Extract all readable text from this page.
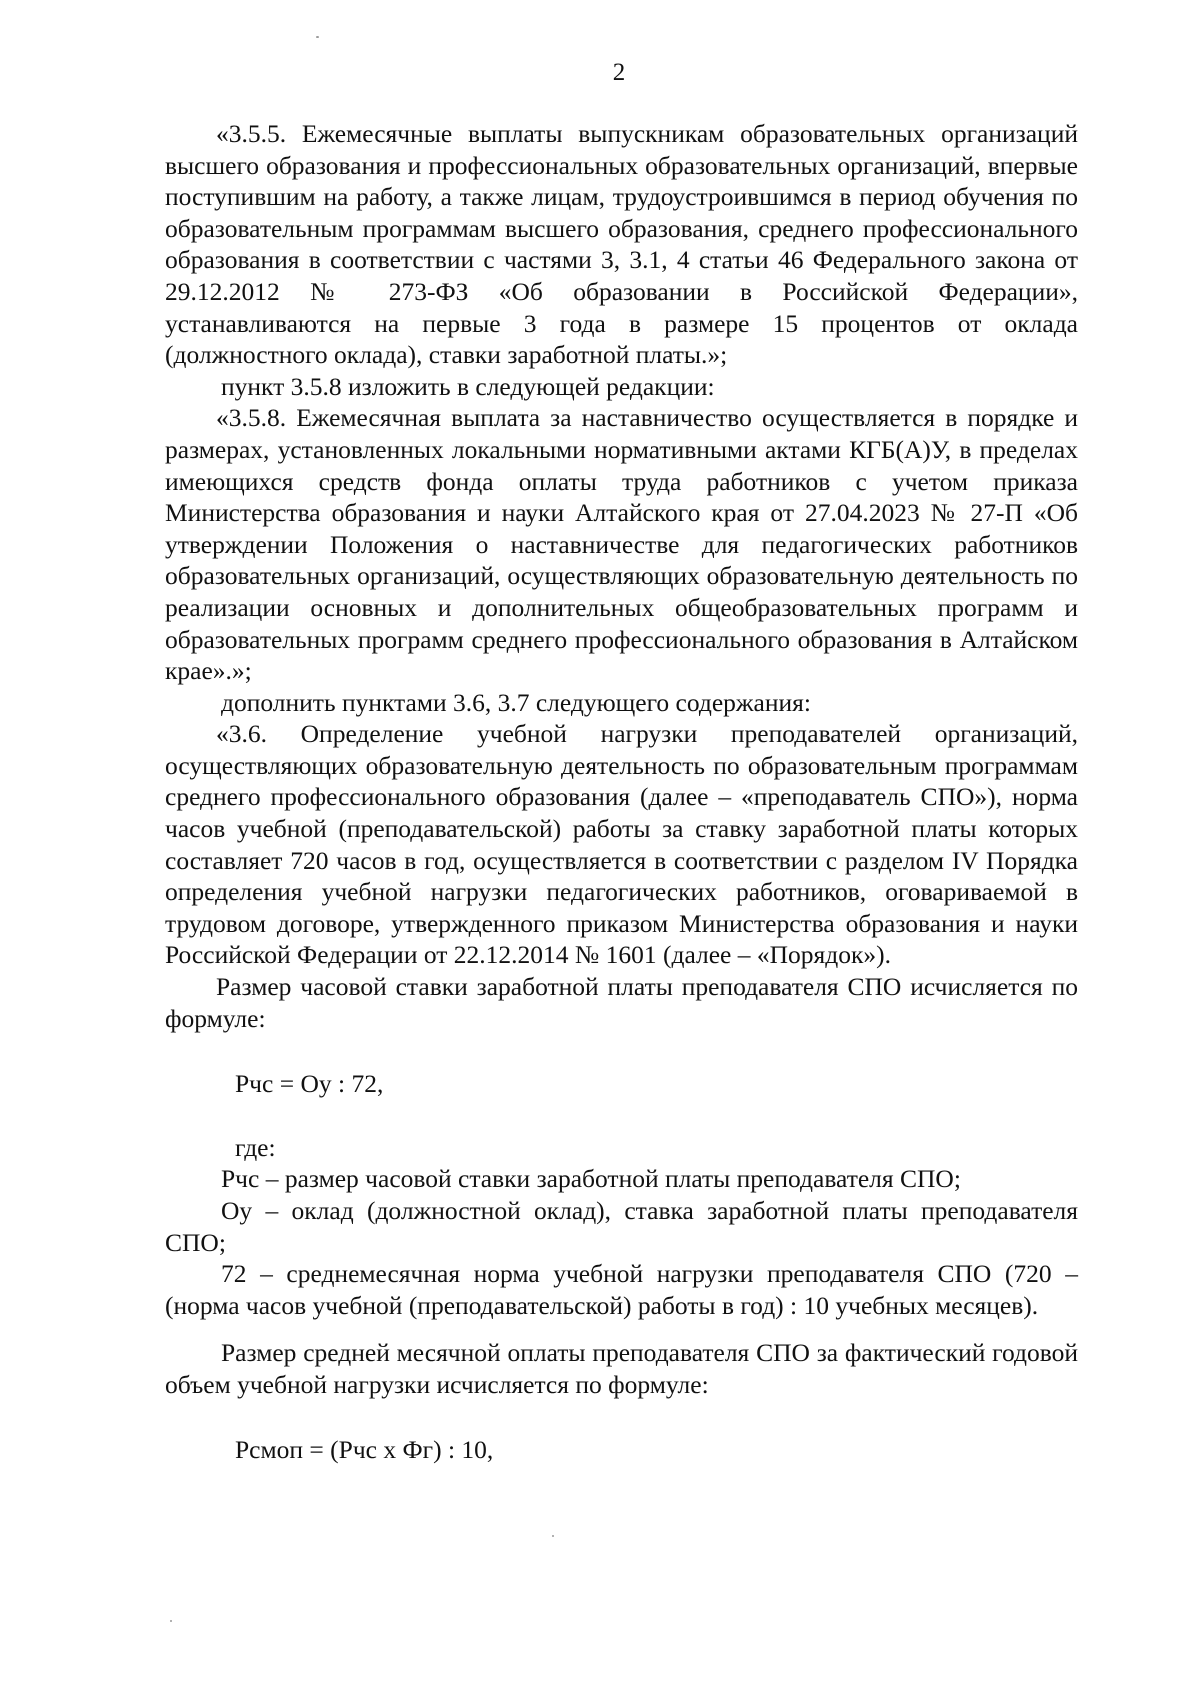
2

«3.5.5. Ежемесячные выплаты выпускникам образовательных организаций высшего образования и профессиональных образовательных организаций, впервые поступившим на работу, а также лицам, трудоустроившимся в период обучения по образовательным программам высшего образования, среднего профессионального образования в соответствии с частями 3, 3.1, 4 статьи 46 Федерального закона от 29.12.2012 № 273-ФЗ «Об образовании в Российской Федерации», устанавливаются на первые 3 года в размере 15 процентов от оклада (должностного оклада), ставки заработной платы.»;

пункт 3.5.8 изложить в следующей редакции:

«3.5.8. Ежемесячная выплата за наставничество осуществляется в порядке и размерах, установленных локальными нормативными актами КГБ(А)У, в пределах имеющихся средств фонда оплаты труда работников с учетом приказа Министерства образования и науки Алтайского края от 27.04.2023 № 27-П «Об утверждении Положения о наставничестве для педагогических работников образовательных организаций, осуществляющих образовательную деятельность по реализации основных и дополнительных общеобразовательных программ и образовательных программ среднего профессионального образования в Алтайском крае».»;

дополнить пунктами 3.6, 3.7 следующего содержания:

«3.6. Определение учебной нагрузки преподавателей организаций, осуществляющих образовательную деятельность по образовательным программам среднего профессионального образования (далее – «преподаватель СПО»), норма часов учебной (преподавательской) работы за ставку заработной платы которых составляет 720 часов в год, осуществляется в соответствии с разделом IV Порядка определения учебной нагрузки педагогических работников, оговариваемой в трудовом договоре, утвержденного приказом Министерства образования и науки Российской Федерации от 22.12.2014 № 1601 (далее – «Порядок»).

Размер часовой ставки заработной платы преподавателя СПО исчисляется по формуле:

Рчс = Оу : 72,

где:

Рчс – размер часовой ставки заработной платы преподавателя СПО;

Оу – оклад (должностной оклад), ставка заработной платы преподавателя СПО;

72 – среднемесячная норма учебной нагрузки преподавателя СПО (720 – (норма часов учебной (преподавательской) работы в год) : 10 учебных месяцев).

Размер средней месячной оплаты преподавателя СПО за фактический годовой объем учебной нагрузки исчисляется по формуле:

Рсмоп = (Рчс х Фг) : 10,
